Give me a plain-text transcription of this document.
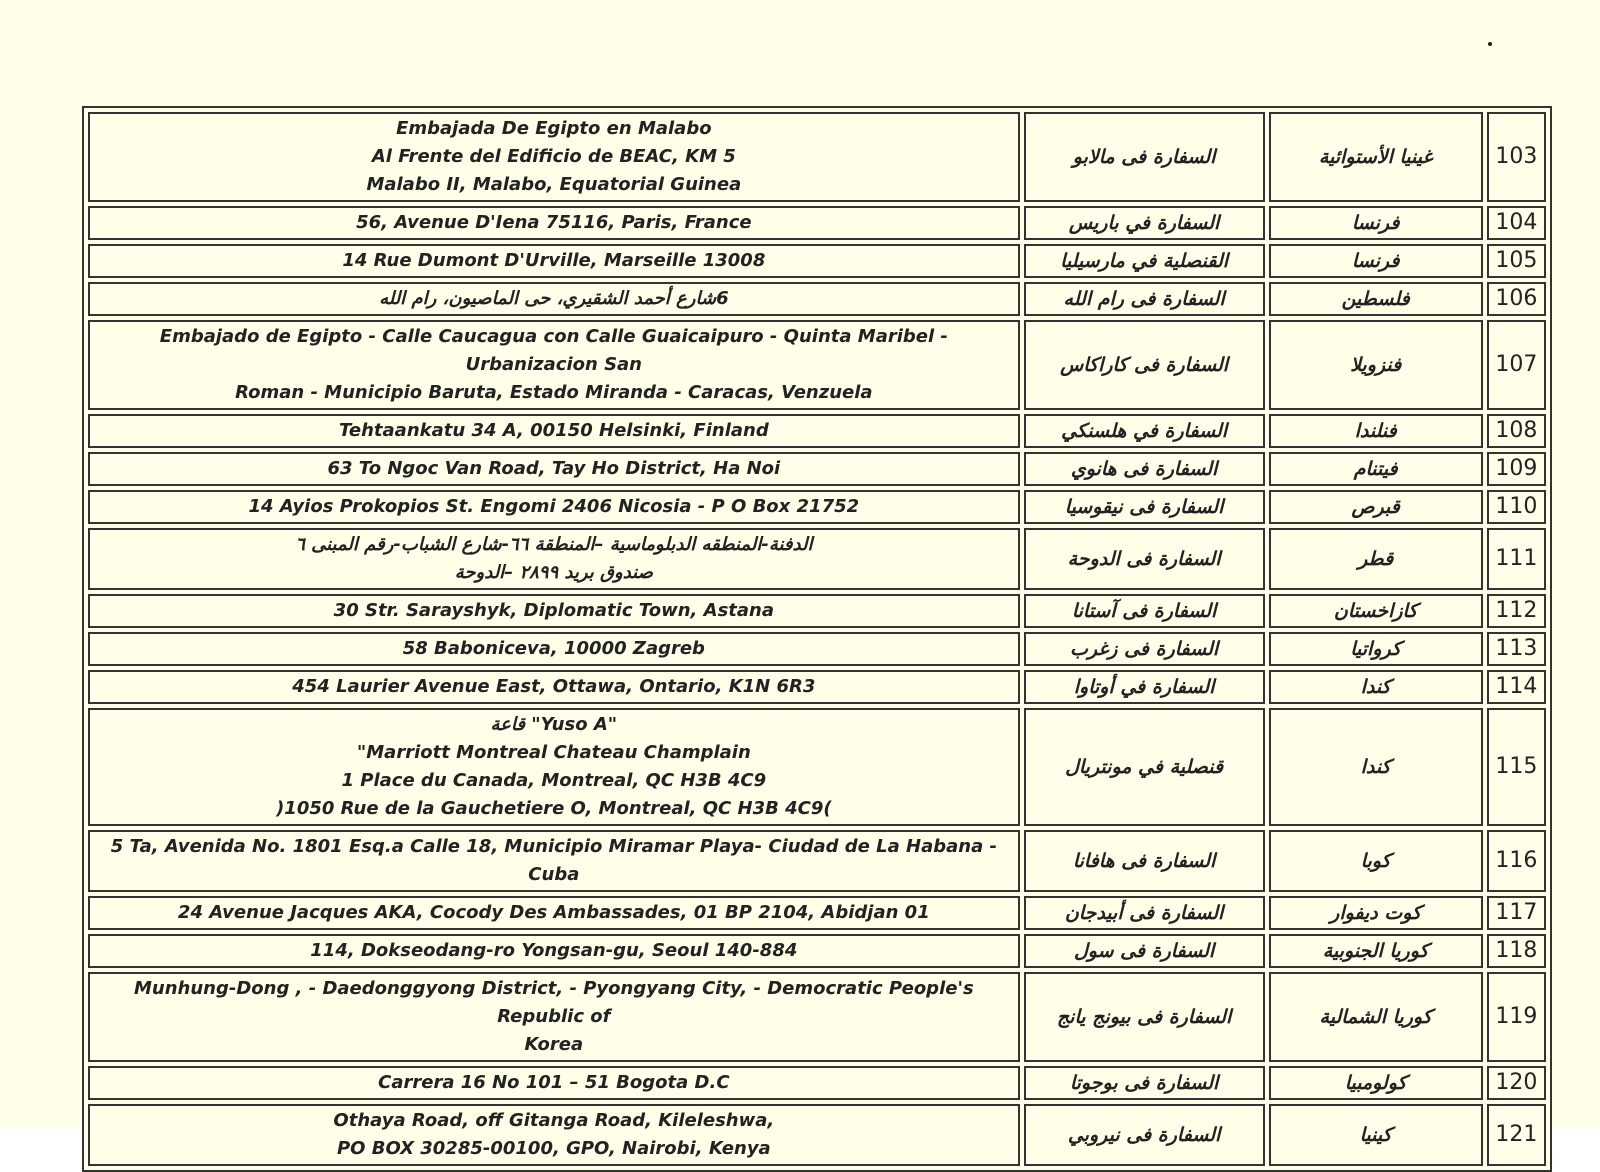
Embajada De Egipto en Malabo
Al Frente del Edificio de BEAC, KM 5
Malabo II, Malabo, Equatorial Guinea	السفارة فى مالابو	غينيا الأستوائية	103

56, Avenue D'Iena 75116, Paris, France	السفارة في باريس	فرنسا	104

14 Rue Dumont D'Urville, Marseille 13008	القنصلية في مارسيليا	فرنسا	105

6شارع أحمد الشقيري، حى الماصيون، رام الله	السفارة فى رام الله	فلسطين	106

Embajado de Egipto - Calle Caucagua con Calle Guaicaipuro - Quinta Maribel - Urbanizacion San
Roman - Municipio Baruta, Estado Miranda - Caracas, Venzuela	السفارة فى كاراكاس	فنزويلا	107

Tehtaankatu 34 A, 00150 Helsinki, Finland	السفارة في هلسنكي	فنلندا	108

63 To Ngoc Van Road, Tay Ho District, Ha Noi	السفارة فى هانوي	فيتنام	109

14 Ayios Prokopios St. Engomi 2406 Nicosia - P O Box 21752	السفارة فى نيقوسيا	قبرص	110

الدفنة-المنطقه الدبلوماسية –المنطقة ٦٦-شارع الشباب-رقم المبنى ٦
صندوق بريد ٢٨٩٩ –الدوحة	السفارة فى الدوحة	قطر	111

30 Str. Sarayshyk, Diplomatic Town, Astana	السفارة فى آستانا	كازاخستان	112

58 Baboniceva, 10000 Zagreb	السفارة فى زغرب	كرواتيا	113

454 Laurier Avenue East, Ottawa, Ontario, K1N 6R3	السفارة في أوتاوا	كندا	114

"Yuso A" قاعة
"Marriott Montreal Chateau Champlain
1 Place du Canada, Montreal, QC H3B 4C9
)1050 Rue de la Gauchetiere O, Montreal, QC H3B 4C9(	قنصلية في مونتريال	كندا	115

5 Ta, Avenida No. 1801 Esq.a Calle 18, Municipio Miramar Playa- Ciudad de La Habana - Cuba	السفارة فى هافانا	كوبا	116

24 Avenue Jacques AKA, Cocody Des Ambassades, 01 BP 2104, Abidjan 01	السفارة فى أبيدجان	كوت ديفوار	117

114, Dokseodang-ro Yongsan-gu, Seoul 140-884	السفارة فى سول	كوريا الجنوبية	118

Munhung-Dong , - Daedonggyong District, - Pyongyang City, - Democratic People's Republic of
Korea	السفارة فى بيونج يانج	كوريا الشمالية	119

Carrera 16 No 101 – 51 Bogota D.C	السفارة فى بوجوتا	كولومبيا	120

Othaya Road, off Gitanga Road, Kileleshwa,
PO BOX 30285-00100, GPO, Nairobi, Kenya	السفارة فى نيروبي	كينيا	121
